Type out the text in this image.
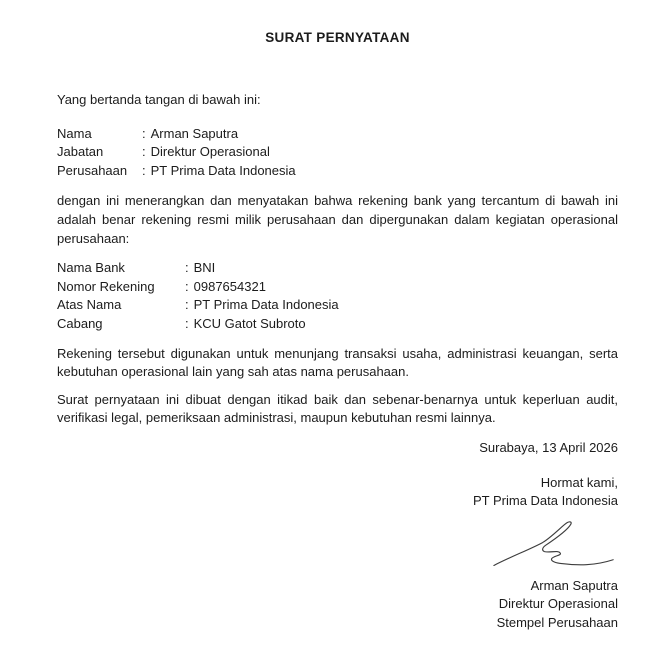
SURAT PERNYATAAN
Yang bertanda tangan di bawah ini:
Nama	: Arman Saputra
Jabatan	: Direktur Operasional
Perusahaan	: PT Prima Data Indonesia

dengan ini menerangkan dan menyatakan bahwa rekening bank yang tercantum di bawah ini adalah benar rekening resmi milik perusahaan dan dipergunakan dalam kegiatan operasional perusahaan:

Nama Bank	: BNI
Nomor Rekening	: 0987654321
Atas Nama	: PT Prima Data Indonesia
Cabang	: KCU Gatot Subroto

Rekening tersebut digunakan untuk menunjang transaksi usaha, administrasi keuangan, serta kebutuhan operasional lain yang sah atas nama perusahaan.

Surat pernyataan ini dibuat dengan itikad baik dan sebenar-benarnya untuk keperluan audit, verifikasi legal, pemeriksaan administrasi, maupun kebutuhan resmi lainnya.

Surabaya, 13 April 2026
Hormat kami,
PT Prima Data Indonesia
Arman Saputra
Direktur Operasional
Stempel Perusahaan
